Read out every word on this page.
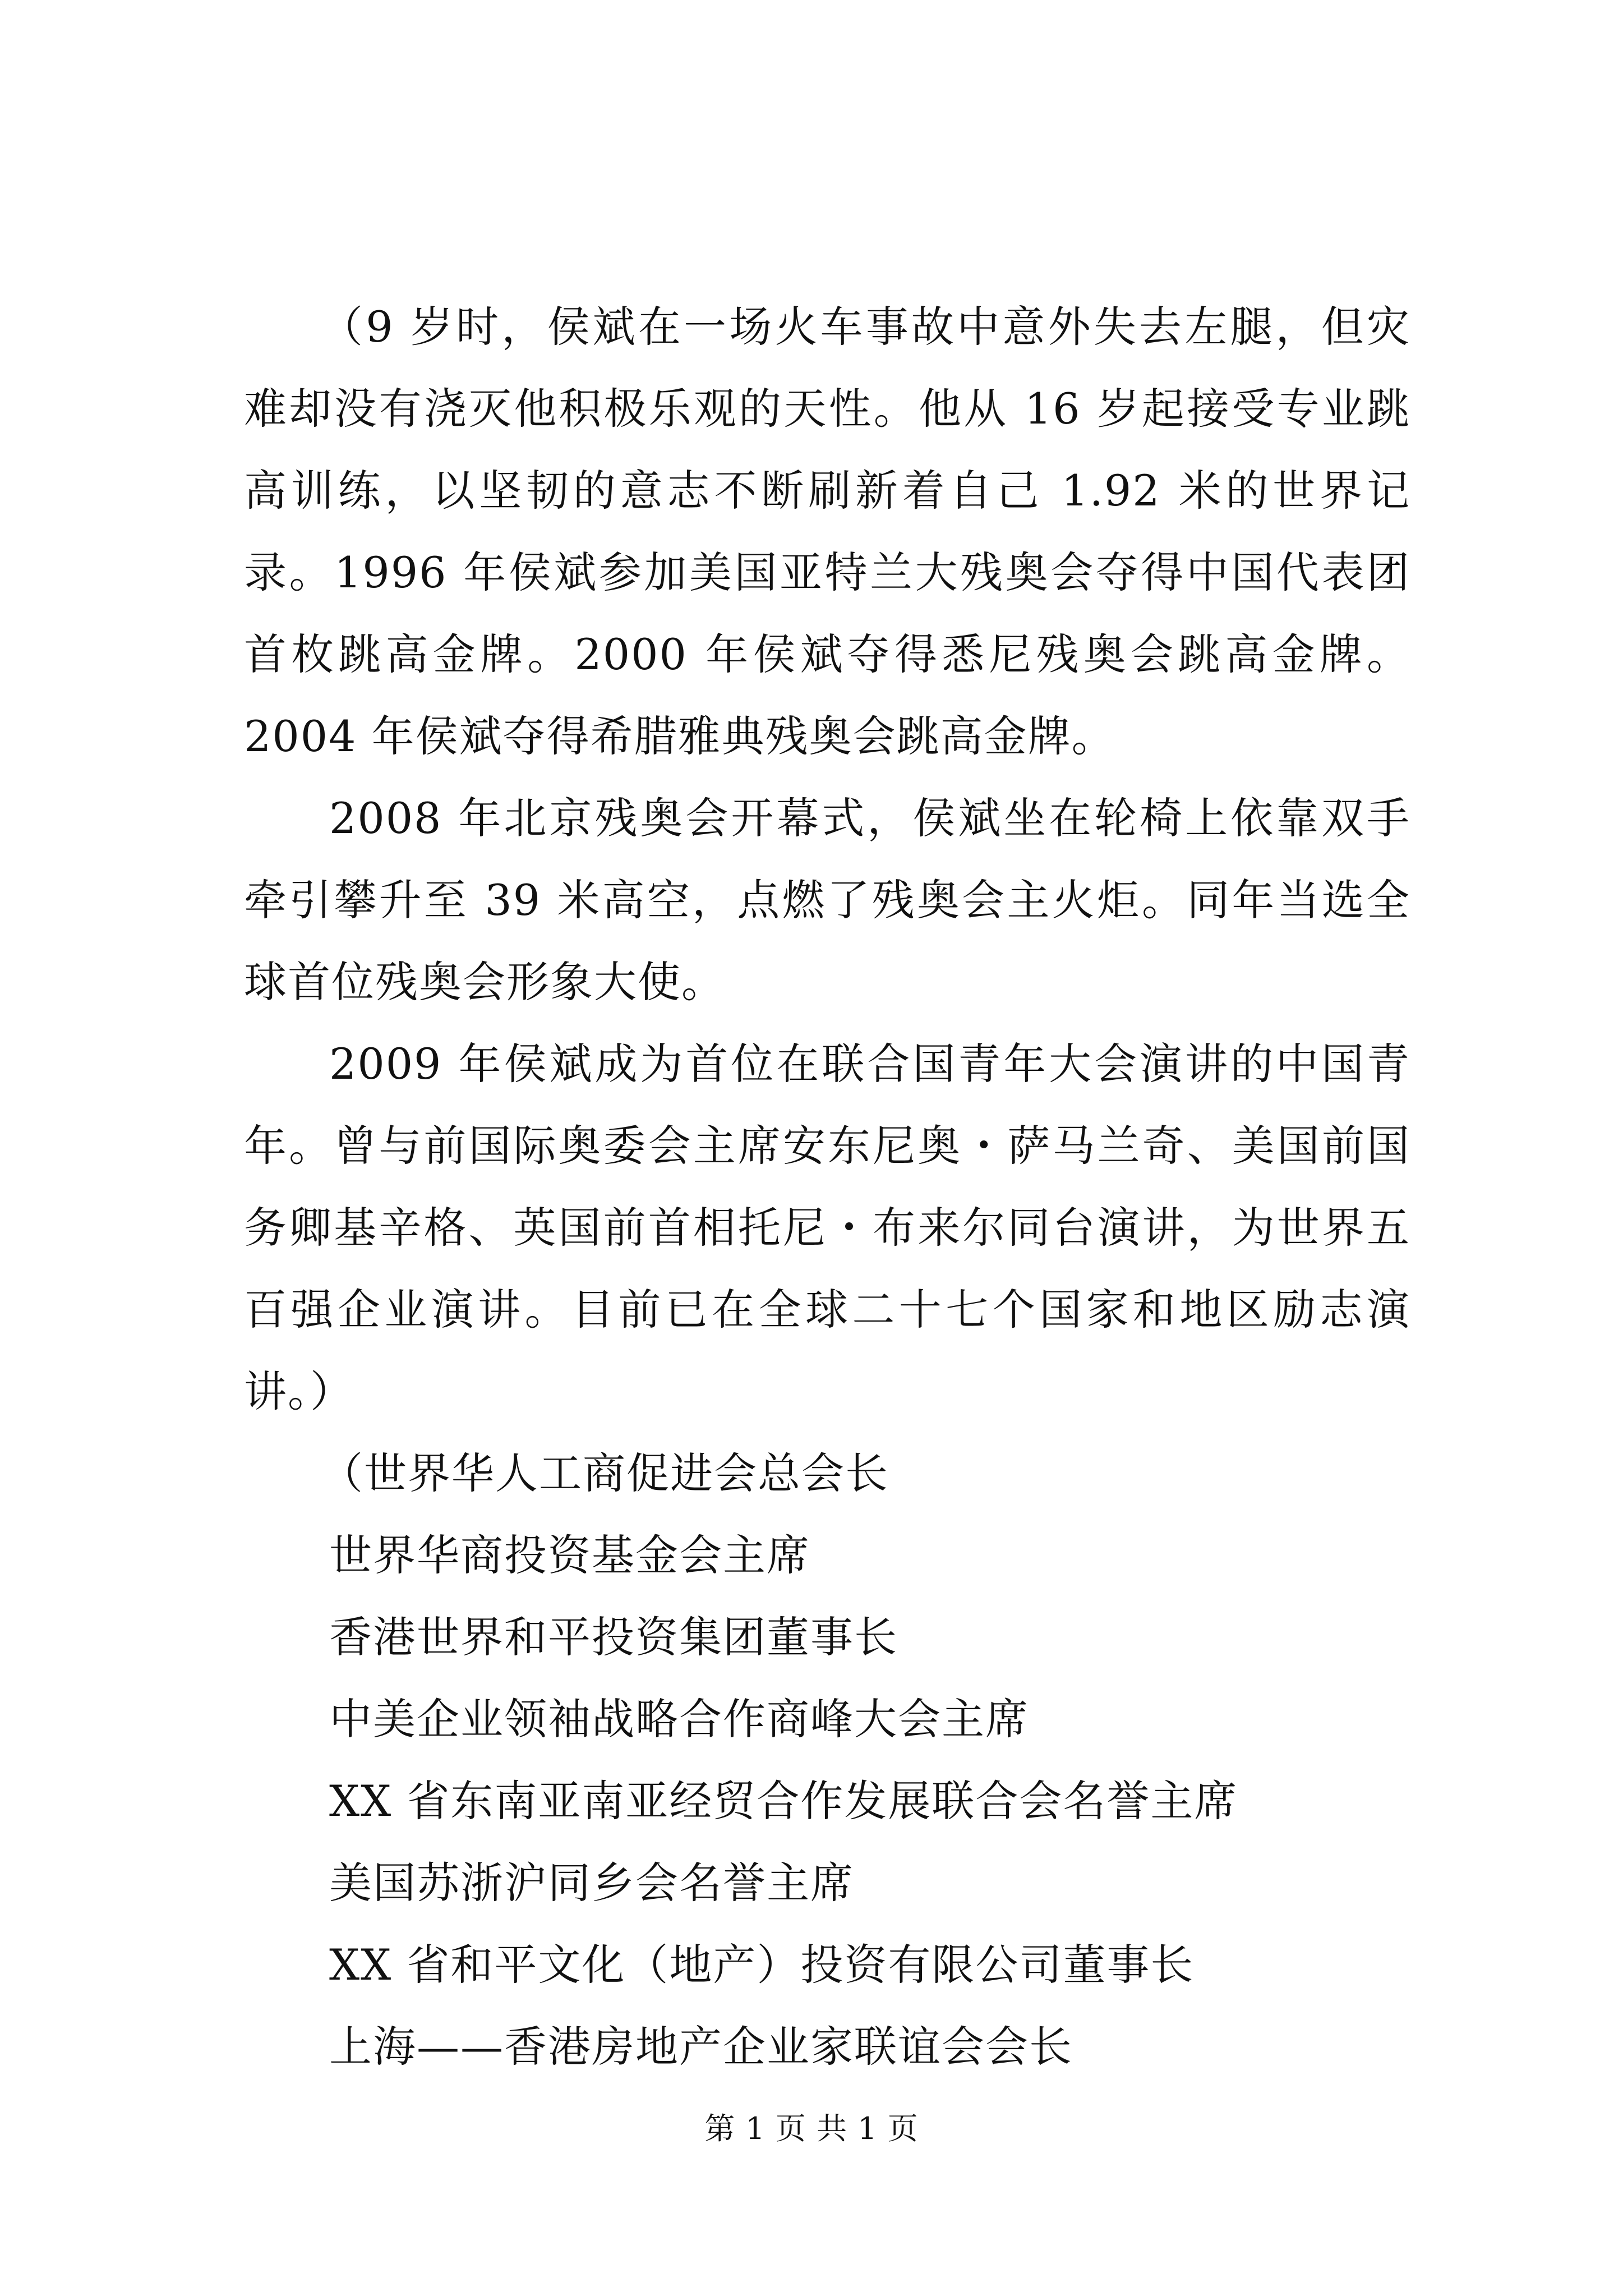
（9 岁时，侯斌在一场火车事故中意外失去左腿，但灾难却没有浇灭他积极乐观的天性。他从 16 岁起接受专业跳高训练，以坚韧的意志不断刷新着自己 1.92 米的世界记录。1996 年侯斌参加美国亚特兰大残奥会夺得中国代表团首枚跳高金牌。2000 年侯斌夺得悉尼残奥会跳高金牌。2004 年侯斌夺得希腊雅典残奥会跳高金牌。

2008 年北京残奥会开幕式，侯斌坐在轮椅上依靠双手牵引攀升至 39 米高空，点燃了残奥会主火炬。同年当选全球首位残奥会形象大使。

2009 年侯斌成为首位在联合国青年大会演讲的中国青年。曾与前国际奥委会主席安东尼奥・萨马兰奇、美国前国务卿基辛格、英国前首相托尼・布来尔同台演讲，为世界五百强企业演讲。目前已在全球二十七个国家和地区励志演讲。）

（世界华人工商促进会总会长
世界华商投资基金会主席
香港世界和平投资集团董事长
中美企业领袖战略合作商峰大会主席
XX 省东南亚南亚经贸合作发展联合会名誉主席
美国苏浙沪同乡会名誉主席
XX 省和平文化（地产）投资有限公司董事长
上海——香港房地产企业家联谊会会长
第 1 页 共 1 页
